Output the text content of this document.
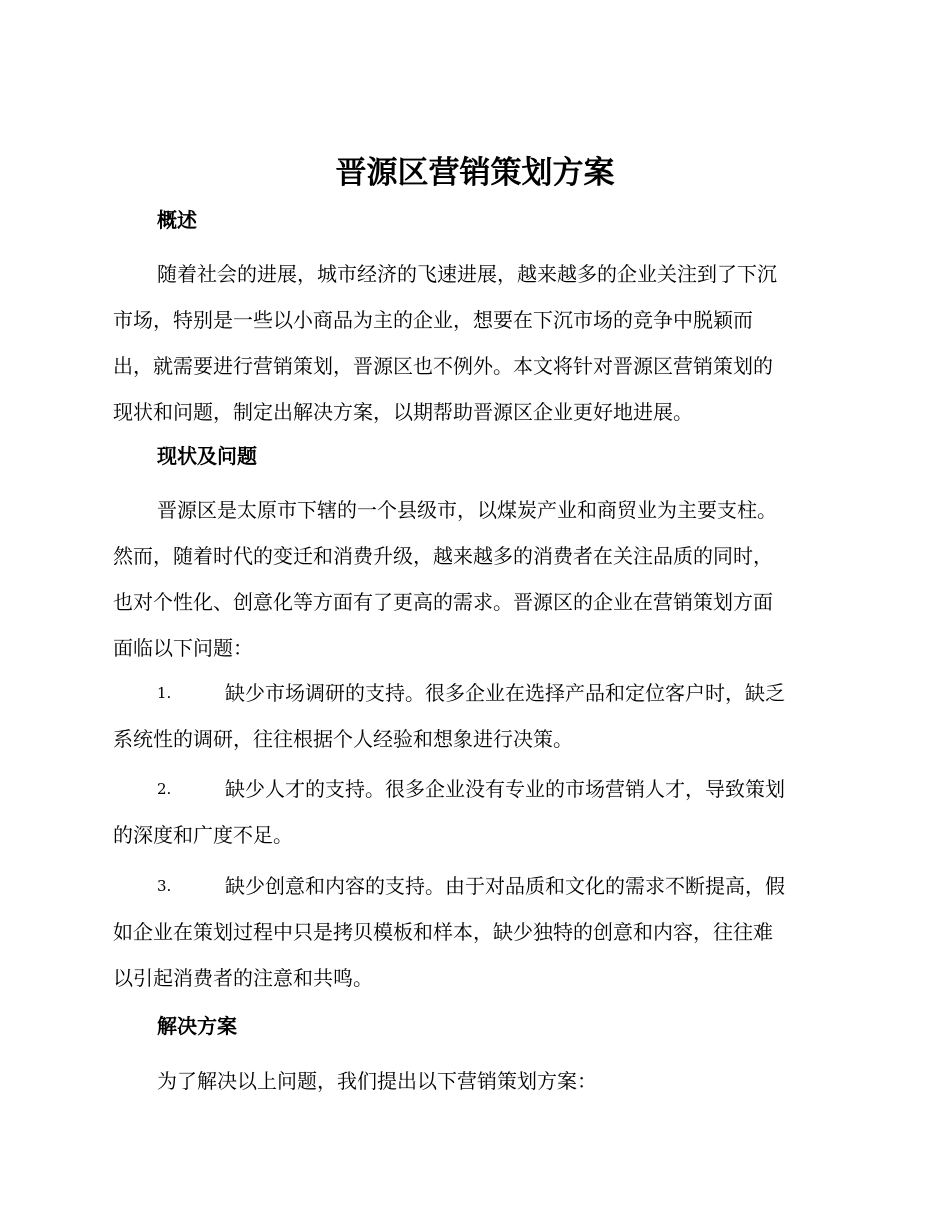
晋源区营销策划方案
概述
随着社会的进展，城市经济的飞速进展，越来越多的企业关注到了下沉
市场，特别是一些以小商品为主的企业，想要在下沉市场的竞争中脱颖而
出，就需要进行营销策划，晋源区也不例外。本文将针对晋源区营销策划的
现状和问题，制定出解决方案，以期帮助晋源区企业更好地进展。
现状及问题
晋源区是太原市下辖的一个县级市，以煤炭产业和商贸业为主要支柱。
然而，随着时代的变迁和消费升级，越来越多的消费者在关注品质的同时，
也对个性化、创意化等方面有了更高的需求。晋源区的企业在营销策划方面
面临以下问题：
1.	缺少市场调研的支持。很多企业在选择产品和定位客户时，缺乏
系统性的调研，往往根据个人经验和想象进行决策。
2.	缺少人才的支持。很多企业没有专业的市场营销人才，导致策划
的深度和广度不足。
3.	缺少创意和内容的支持。由于对品质和文化的需求不断提高，假
如企业在策划过程中只是拷贝模板和样本，缺少独特的创意和内容，往往难
以引起消费者的注意和共鸣。
解决方案
为了解决以上问题，我们提出以下营销策划方案：
